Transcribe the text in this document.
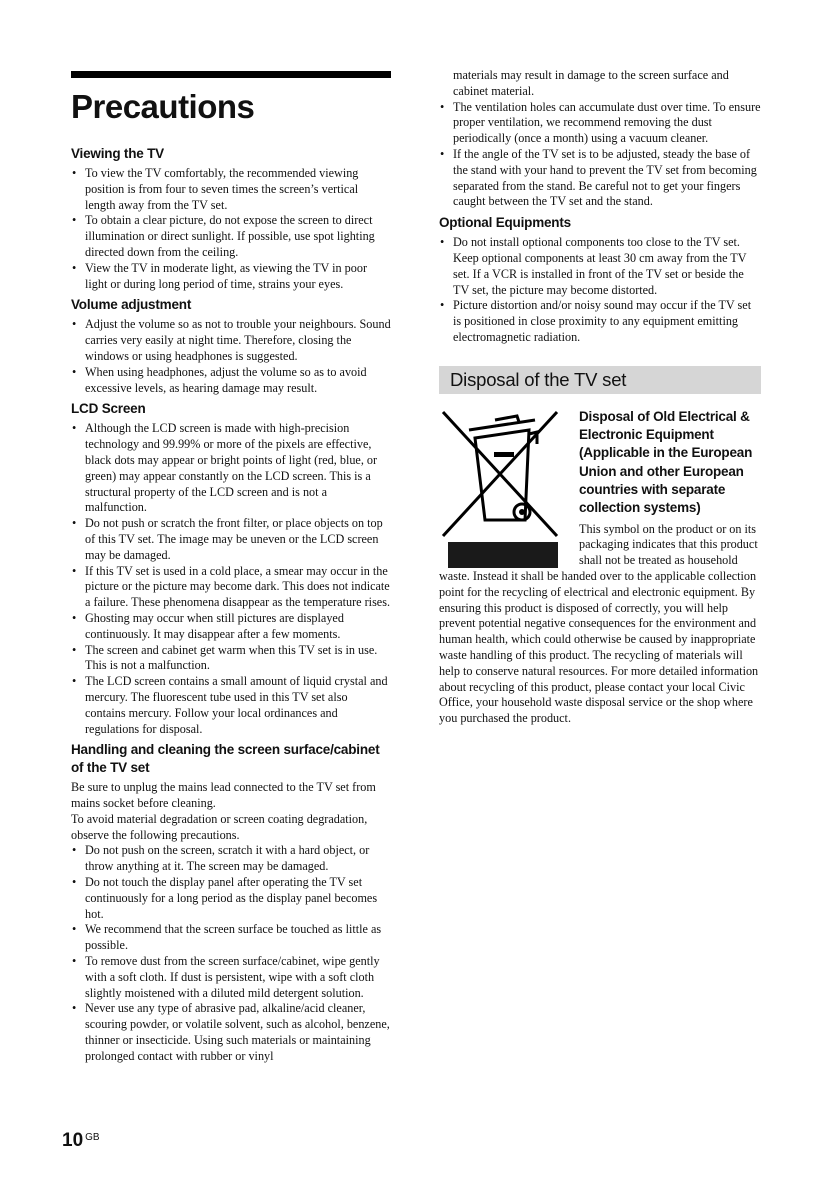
Precautions
Viewing the TV
• To view the TV comfortably, the recommended viewing position is from four to seven times the screen’s vertical length away from the TV set.
• To obtain a clear picture, do not expose the screen to direct illumination or direct sunlight. If possible, use spot lighting directed down from the ceiling.
• View the TV in moderate light, as viewing the TV in poor light or during long period of time, strains your eyes.
Volume adjustment
• Adjust the volume so as not to trouble your neighbours. Sound carries very easily at night time. Therefore, closing the windows or using headphones is suggested.
• When using headphones, adjust the volume so as to avoid excessive levels, as hearing damage may result.
LCD Screen
• Although the LCD screen is made with high-precision technology and 99.99% or more of the pixels are effective, black dots may appear or bright points of light (red, blue, or green) may appear constantly on the LCD screen. This is a structural property of the LCD screen and is not a malfunction.
• Do not push or scratch the front filter, or place objects on top of this TV set. The image may be uneven or the LCD screen may be damaged.
• If this TV set is used in a cold place, a smear may occur in the picture or the picture may become dark. This does not indicate a failure. These phenomena disappear as the temperature rises.
• Ghosting may occur when still pictures are displayed continuously. It may disappear after a few moments.
• The screen and cabinet get warm when this TV set is in use. This is not a malfunction.
• The LCD screen contains a small amount of liquid crystal and mercury. The fluorescent tube used in this TV set also contains mercury. Follow your local ordinances and regulations for disposal.
Handling and cleaning the screen surface/cabinet of the TV set

Be sure to unplug the mains lead connected to the TV set from mains socket before cleaning.

To avoid material degradation or screen coating degradation, observe the following precautions.

• Do not push on the screen, scratch it with a hard object, or throw anything at it. The screen may be damaged.
• Do not touch the display panel after operating the TV set continuously for a long period as the display panel becomes hot.
• We recommend that the screen surface be touched as little as possible.
• To remove dust from the screen surface/cabinet, wipe gently with a soft cloth. If dust is persistent, wipe with a soft cloth slightly moistened with a diluted mild detergent solution.
• Never use any type of abrasive pad, alkaline/acid cleaner, scouring powder, or volatile solvent, such as alcohol, benzene, thinner or insecticide. Using such materials or maintaining prolonged contact with rubber or vinyl

materials may result in damage to the screen surface and cabinet material.

• The ventilation holes can accumulate dust over time. To ensure proper ventilation, we recommend removing the dust periodically (once a month) using a vacuum cleaner.
• If the angle of the TV set is to be adjusted, steady the base of the stand with your hand to prevent the TV set from becoming separated from the stand. Be careful not to get your fingers caught between the TV set and the stand.
Optional Equipments
• Do not install optional components too close to the TV set. Keep optional components at least 30 cm away from the TV set. If a VCR is installed in front of the TV set or beside the TV set, the picture may become distorted.
• Picture distortion and/or noisy sound may occur if the TV set is positioned in close proximity to any equipment emitting electromagnetic radiation.
Disposal of the TV set

Disposal of Old Electrical & Electronic Equipment (Applicable in the European Union and other European countries with separate collection systems)

This symbol on the product or on its packaging indicates that this product shall not be treated as household waste. Instead it shall be handed over to the applicable collection point for the recycling of electrical and electronic equipment. By ensuring this product is disposed of correctly, you will help prevent potential negative consequences for the environment and human health, which could otherwise be caused by inappropriate waste handling of this product. The recycling of materials will help to conserve natural resources. For more detailed information about recycling of this product, please contact your local Civic Office, your household waste disposal service or the shop where you purchased the product.

10 $^{GB}$
